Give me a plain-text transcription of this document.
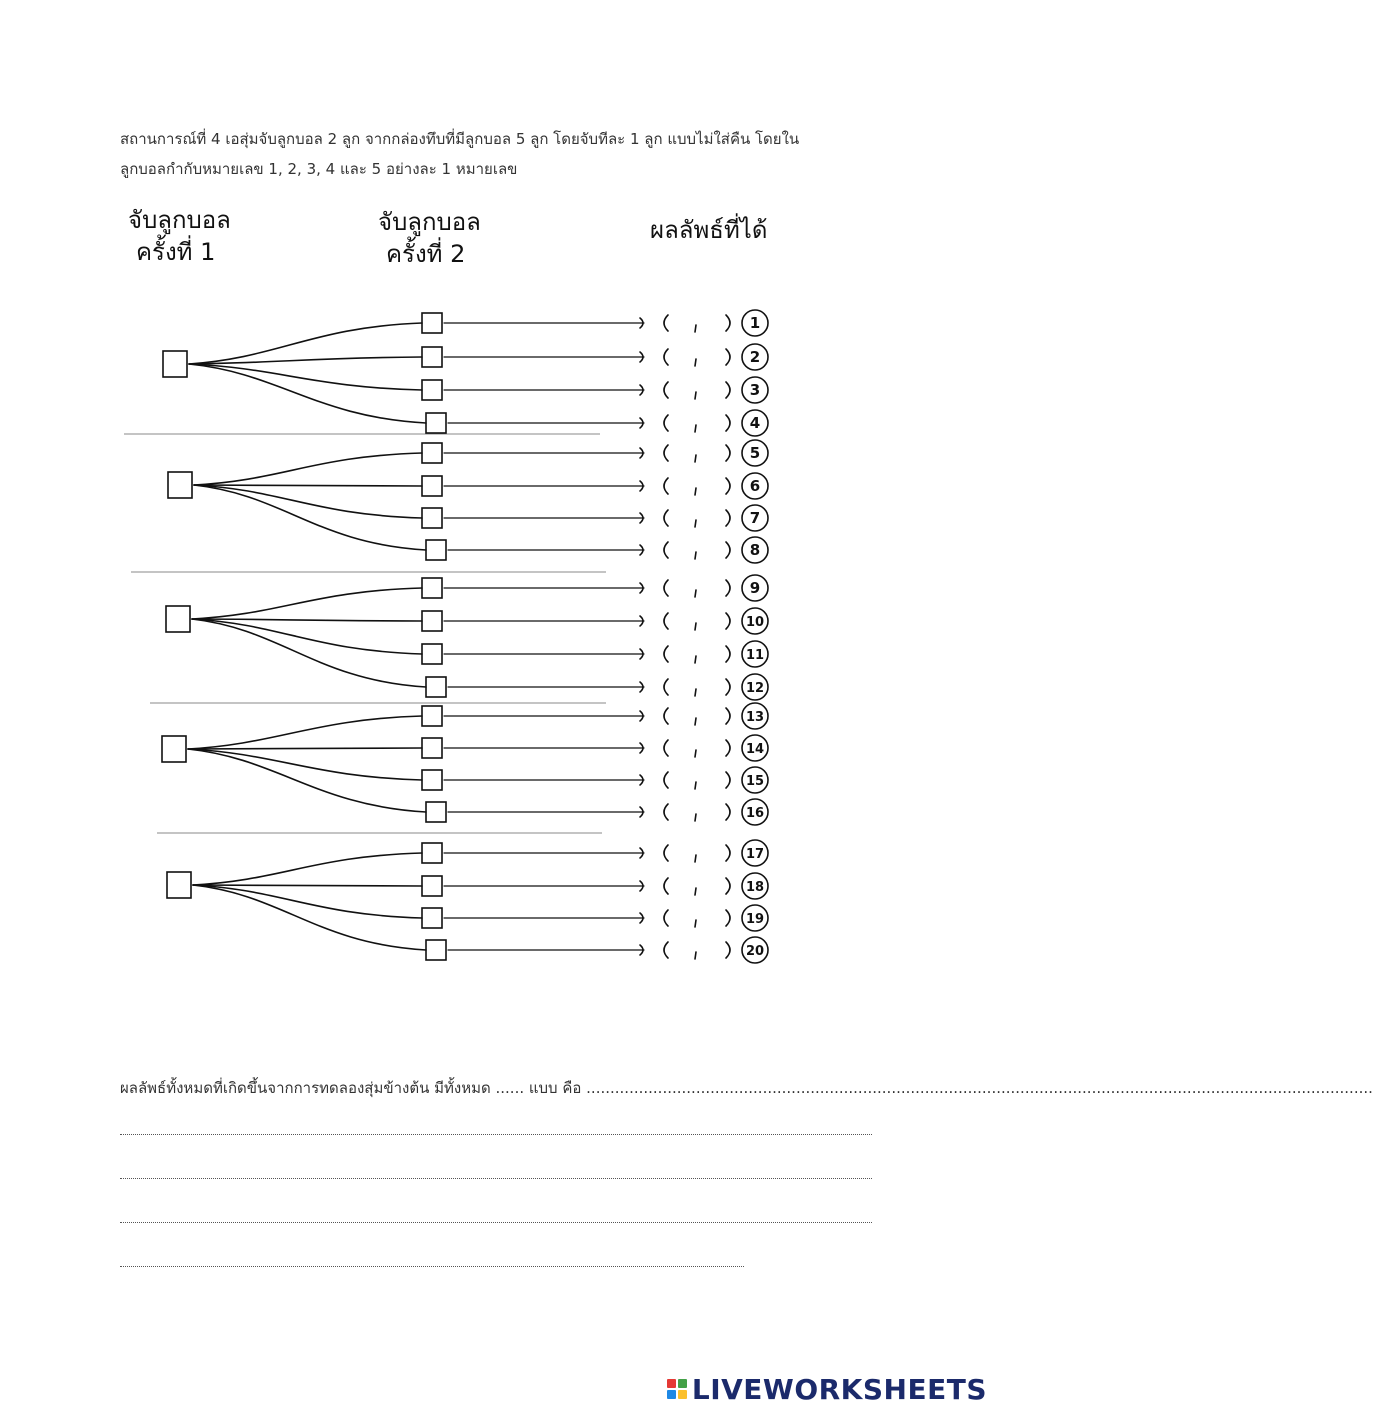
สถานการณ์ที่ 4 เอสุ่มจับลูกบอล 2 ลูก จากกล่องทึบที่มีลูกบอล 5 ลูก โดยจับทีละ 1 ลูก แบบไม่ใส่คืน โดยใน
ลูกบอลกำกับหมายเลข 1, 2, 3, 4 และ 5 อย่างละ 1 หมายเลข

จับลูกบอล
ครั้งที่ 1
จับลูกบอล
ครั้งที่ 2
ผลลัพธ์ที่ได้
1
2
3
4
5
6
7
8
9
10
11
12
13
14
15
16
17
18
19
20
ผลลัพธ์ทั้งหมดที่เกิดขึ้นจากการทดลองสุ่มข้างต้น มีทั้งหมด ...... แบบ คือ .....................................................................................................................................................................
LIVEWORKSHEETS
